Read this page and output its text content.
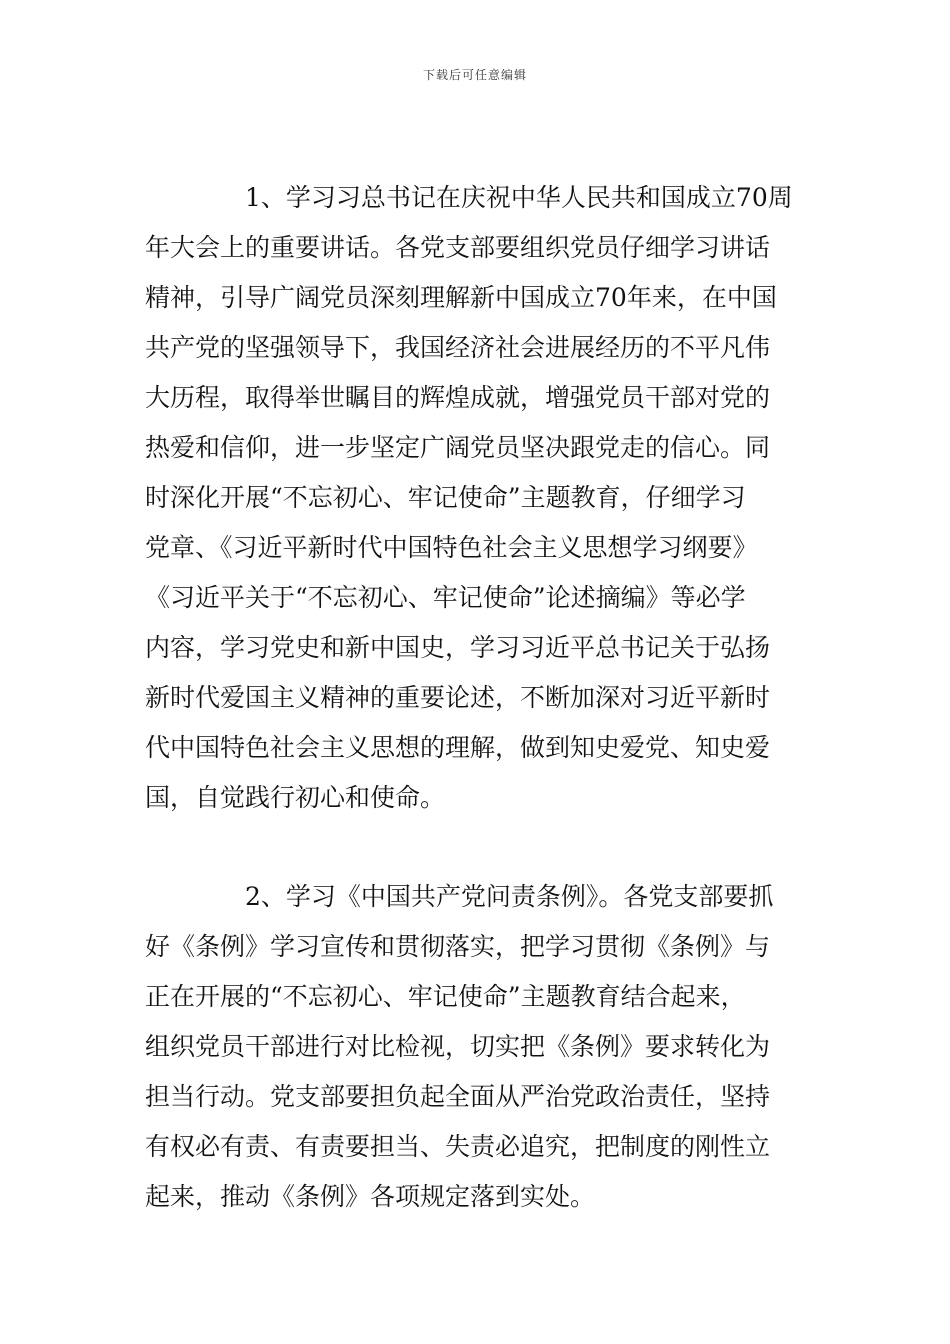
下载后可任意编辑
1、学习习总书记在庆祝中华人民共和国成立70周
年大会上的重要讲话。各党支部要组织党员仔细学习讲话
精神，引导广阔党员深刻理解新中国成立70年来，在中国
共产党的坚强领导下，我国经济社会进展经历的不平凡伟
大历程，取得举世瞩目的辉煌成就，增强党员干部对党的
热爱和信仰，进一步坚定广阔党员坚决跟党走的信心。同
时深化开展“不忘初心、牢记使命”主题教育，仔细学习
党章、《习近平新时代中国特色社会主义思想学习纲要》
《习近平关于“不忘初心、牢记使命”论述摘编》等必学
内容，学习党史和新中国史，学习习近平总书记关于弘扬
新时代爱国主义精神的重要论述，不断加深对习近平新时
代中国特色社会主义思想的理解，做到知史爱党、知史爱
国，自觉践行初心和使命。
2、学习《中国共产党问责条例》。各党支部要抓
好《条例》学习宣传和贯彻落实，把学习贯彻《条例》与
正在开展的“不忘初心、牢记使命”主题教育结合起来，
组织党员干部进行对比检视，切实把《条例》要求转化为
担当行动。党支部要担负起全面从严治党政治责任，坚持
有权必有责、有责要担当、失责必追究，把制度的刚性立
起来，推动《条例》各项规定落到实处。
